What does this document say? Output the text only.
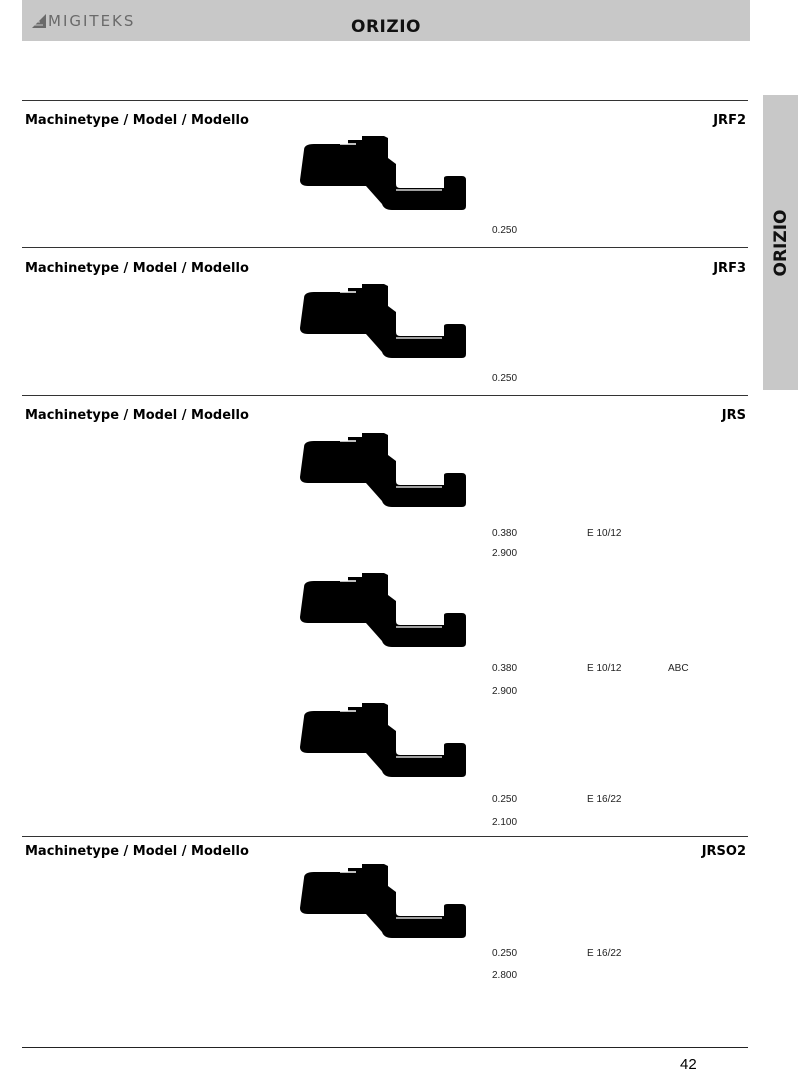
MIGITEKS	ORIZIO
ORIZIO
Machinetype / Model / Modello	JRF2
0.250
Machinetype / Model / Modello	JRF3
0.250
Machinetype / Model / Modello	JRS
0.380	E 10/12
2.900
0.380	E 10/12	ABC
2.900
0.250	E 16/22
2.100
Machinetype / Model / Modello	JRSO2
0.250	E 16/22
2.800
42
